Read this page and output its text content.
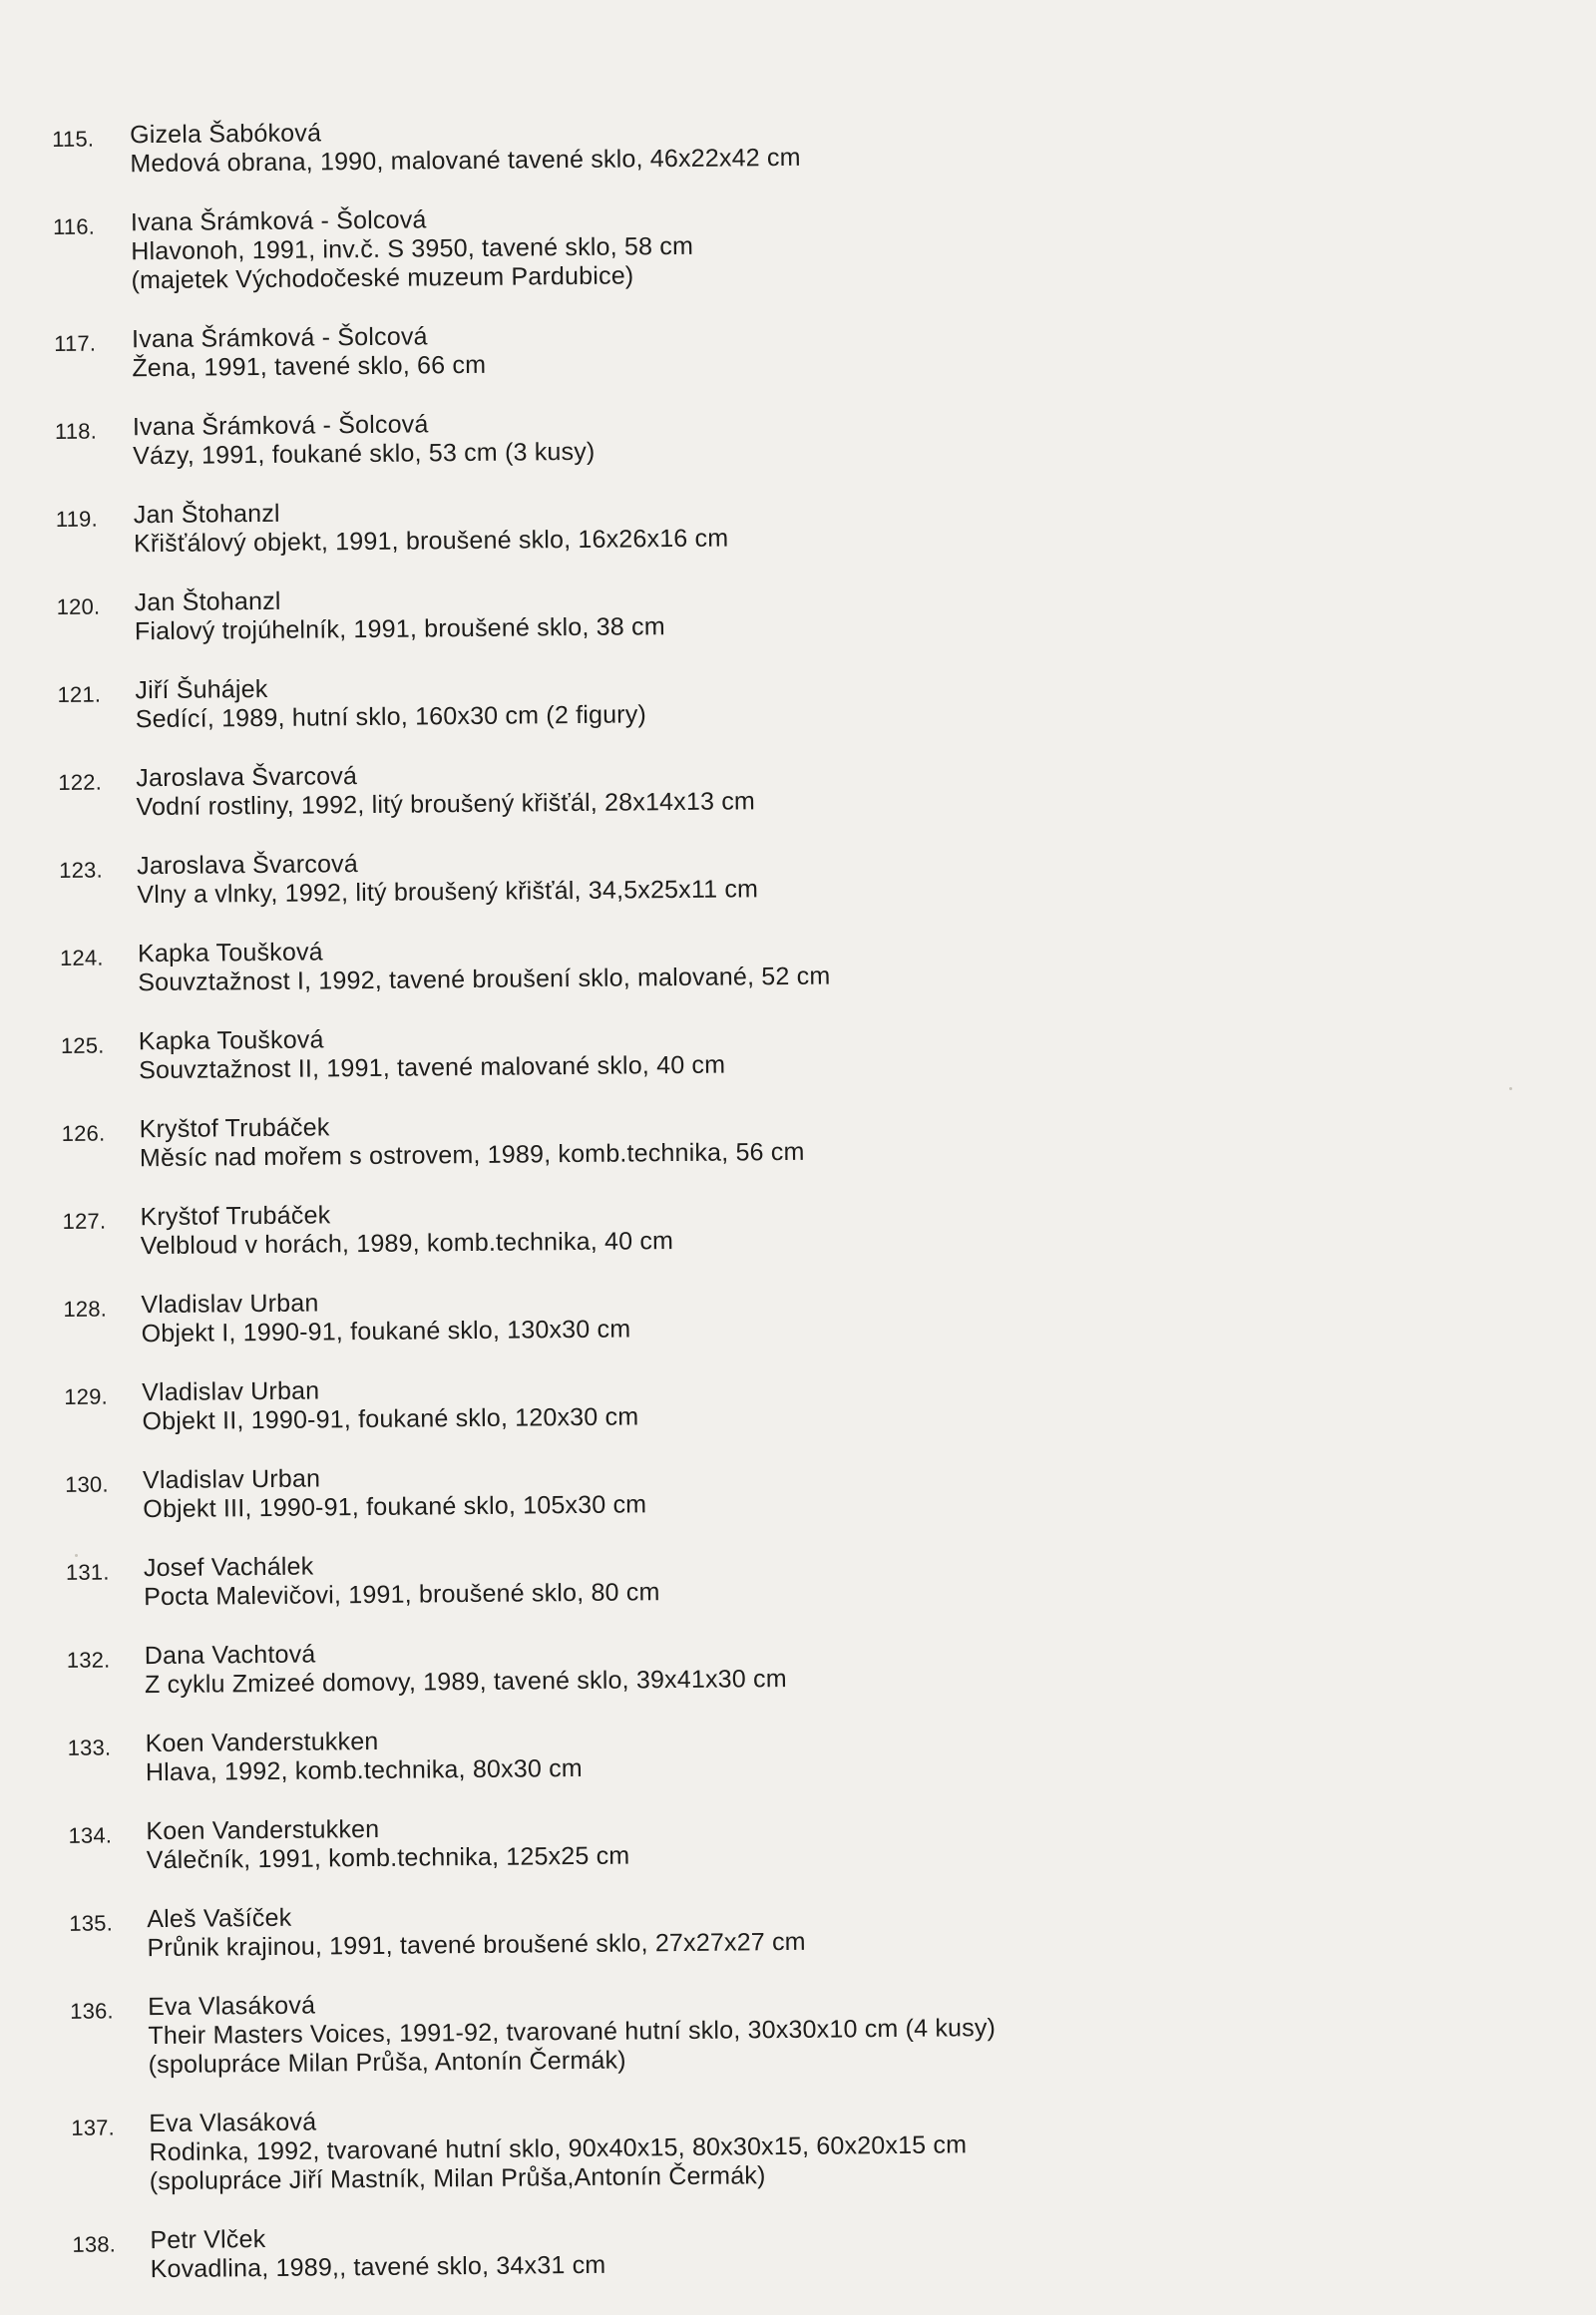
115.	Gizela Šabóková
Medová obrana, 1990, malované tavené sklo, 46x22x42 cm
116.	Ivana Šrámková - Šolcová
Hlavonoh, 1991, inv.č. S 3950, tavené sklo, 58 cm
(majetek Východočeské muzeum Pardubice)
117.	Ivana Šrámková - Šolcová
Žena, 1991, tavené sklo, 66 cm
118.	Ivana Šrámková - Šolcová
Vázy, 1991, foukané sklo, 53 cm (3 kusy)
119.	Jan Štohanzl
Křišťálový objekt, 1991, broušené sklo, 16x26x16 cm
120.	Jan Štohanzl
Fialový trojúhelník, 1991, broušené sklo, 38 cm
121.	Jiří Šuhájek
Sedící, 1989, hutní sklo, 160x30 cm (2 figury)
122.	Jaroslava Švarcová
Vodní rostliny, 1992, litý broušený křišťál, 28x14x13 cm
123.	Jaroslava Švarcová
Vlny a vlnky, 1992, litý broušený křišťál, 34,5x25x11 cm
124.	Kapka Toušková
Souvztažnost I, 1992, tavené broušení sklo, malované, 52 cm
125.	Kapka Toušková
Souvztažnost II, 1991, tavené malované sklo, 40 cm
126.	Kryštof Trubáček
Měsíc nad mořem s ostrovem, 1989, komb.technika, 56 cm
127.	Kryštof Trubáček
Velbloud v horách, 1989, komb.technika, 40 cm
128.	Vladislav Urban
Objekt I, 1990-91, foukané sklo, 130x30 cm
129.	Vladislav Urban
Objekt II, 1990-91, foukané sklo, 120x30 cm
130.	Vladislav Urban
Objekt III, 1990-91, foukané sklo, 105x30 cm
131.	Josef Vachálek
Pocta Malevičovi, 1991, broušené sklo, 80 cm
132.	Dana Vachtová
Z cyklu Zmizeé domovy, 1989, tavené sklo, 39x41x30 cm
133.	Koen Vanderstukken
Hlava, 1992, komb.technika, 80x30 cm
134.	Koen Vanderstukken
Válečník, 1991, komb.technika, 125x25 cm
135.	Aleš Vašíček
Průnik krajinou, 1991, tavené broušené sklo, 27x27x27 cm
136.	Eva Vlasáková
Their Masters Voices, 1991-92, tvarované hutní sklo, 30x30x10 cm (4 kusy)
(spolupráce Milan Průša, Antonín Čermák)
137.	Eva Vlasáková
Rodinka, 1992, tvarované hutní sklo, 90x40x15, 80x30x15, 60x20x15 cm
(spolupráce Jiří Mastník, Milan Průša,Antonín Čermák)
138.	Petr Vlček
Kovadlina, 1989,, tavené sklo, 34x31 cm
